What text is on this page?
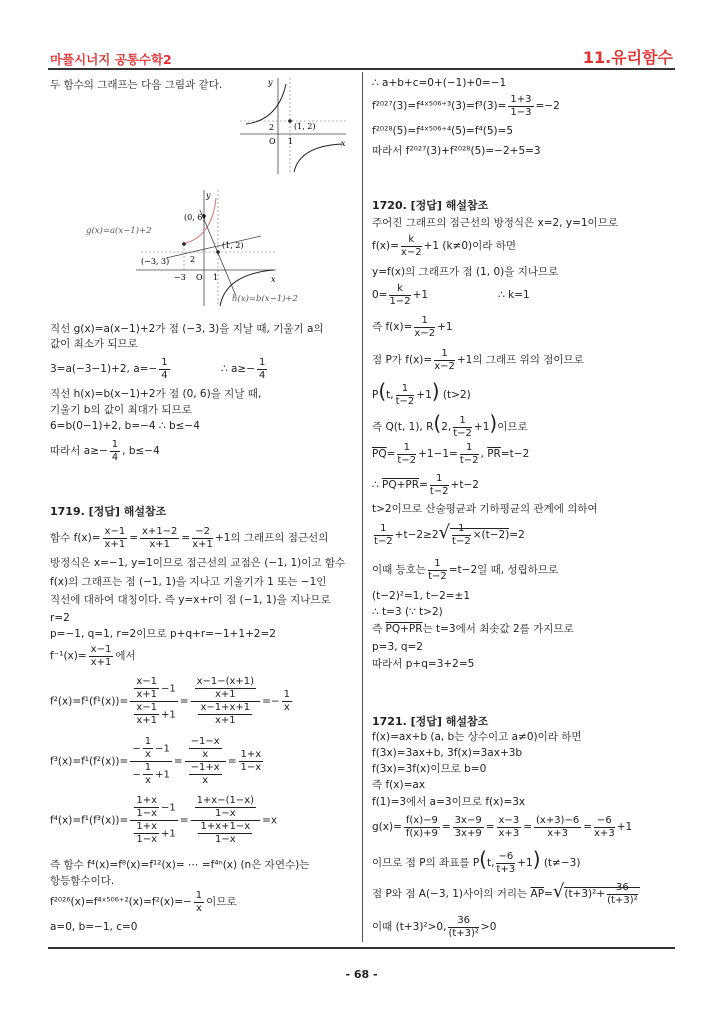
마플시너지 공통수학2	11.유리함수
두 함수의 그래프는 다음 그림과 같다.	y
x
2 (1, 2)
O 1
y
x
g(x)=a(x−1)+2
h(x)=b(x−1)+2
(0, 6)
(1, 2)
(−3, 3)	2
−3 O 1
직선 g(x)=a(x−1)+2가 점 (−3, 3)을 지날 때, 기울기 a의
값이 최소가 되므로
3=a(−3−1)+2, $a=- \frac{1}{4}$	∴ $a\ge- \frac{1}{4}$
직선 h(x)=b(x−1)+2가 점 (0, 6)을 지날 때,
기울기 b의 값이 최대가 되므로
6=b(0−1)+2, b=−4 ∴ b≤−4
따라서 $a\ge- \frac{1}{4}$ , b≤−4
1719. [정답] 해설참조
함수 $f(x)= \frac{x-1}{x+1} = \frac{x+1-2}{x+1} = \frac{-2}{x+1} +1$의 그래프의 점근선의
방정식은 x=−1, y=1이므로 점근선의 교점은 (−1, 1)이고 함수
f(x)의 그래프는 점 (−1, 1)을 지나고 기울기가 1 또는 −1인
직선에 대하여 대칭이다. 즉 y=x+r이 점 (−1, 1)을 지나므로
r=2
p=−1, q=1, r=2이므로 p+q+r=−1+1+2=2
$f^{-1}(x)= \frac{x-1}{x+1}$ 에서
$f^2(x)=f^1(f^1(x))= \frac{\frac{x-1}{x+1} -1}{\frac{x-1}{x+1} +1} = \frac{\frac{x-1-(x+1)}{x+1}}{\frac{x-1+x+1}{x+1}} =- \frac{1}{x}$
$f^3(x)=f^1(f^2(x))= \frac{- \frac{1}{x} -1}{- \frac{1}{x} +1} = \frac{\frac{-1-x}{x}}{\frac{-1+x}{x}} = \frac{1+x}{1-x}$
$f^4(x)=f^1(f^3(x))= \frac{\frac{1+x}{1-x} -1}{\frac{1+x}{1-x} +1} = \frac{\frac{1+x-(1-x)}{1-x}}{\frac{1+x+1-x}{1-x}} =x$
즉 함수 f⁴(x)=f⁸(x)=f¹²(x)= ⋯ =f⁴ⁿ(x) (n은 자연수)는
항등함수이다.
f²⁰²⁶(x)=f⁴ˣ⁵⁰⁶⁺²(x)=f²(x)=− $\frac{1}{x}$ 이므로
a=0, b=−1, c=0
∴ a+b+c=0+(−1)+0=−1
f²⁰²⁷(3)=f⁴ˣ⁵⁰⁶⁺³(3)=f³(3)= $\frac{1+3}{1-3} =-2$
f²⁰²⁸(5)=f⁴ˣ⁵⁰⁶⁺⁴(5)=f⁴(5)=5
따라서 f²⁰²⁷(3)+f²⁰²⁸(5)=−2+5=3
1720. [정답] 해설참조
주어진 그래프의 점근선의 방정식은 x=2, y=1이므로
$f(x)= \frac{k}{x-2} +1$ (k≠0)이라 하면
y=f(x)의 그래프가 점 (1, 0)을 지나므로
$0= \frac{k}{1-2} +1$	∴ k=1
즉 $f(x)= \frac{1}{x-2} +1$
점 P가 $f(x)= \frac{1}{x-2} +1$의 그래프 위의 점이므로
P(t, $\frac{1}{t-2} +1$) (t>2)
즉 Q(t, 1), R(2, $\frac{1}{t-2} +1$)이므로
$\overline{PQ}= \frac{1}{t-2} +1-1= \frac{1}{t-2}$ , $\overline{PR}=t-2$
∴ $PQ+PR= \frac{1}{t-2} +t-2$
t>2이므로 산술평균과 기하평균의 관계에 의하여
$\frac{1}{t-2} +t-2\ge 2√ \frac{1}{t-2} \times(t-2)=2$
이때 등호는 $\frac{1}{t-2} =t-2$일 때, 성립하므로
(t−2)²=1, t−2=±1
∴ t=3 (∵ t>2)
즉 PQ+PR는 t=3에서 최솟값 2를 가지므로
p=3, q=2
따라서 p+q=3+2=5
1721. [정답] 해설참조
f(x)=ax+b (a, b는 상수이고 a≠0)이라 하면
f(3x)=3ax+b, 3f(x)=3ax+3b
f(3x)=3f(x)이므로 b=0
즉 f(x)=ax
f(1)=3에서 a=3이므로 f(x)=3x
$g(x)= \frac{f(x)-9}{f(x)+9} = \frac{3x-9}{3x+9} = \frac{x-3}{x+3} = \frac{(x+3)-6}{x+3} = \frac{-6}{x+3} +1$
이므로 점 P의 좌표를 P(t, $\frac{-6}{t+3} +1$) (t≠−3)
점 P와 점 A(−3, 1)사이의 거리는 $\overline{AP}=√(t+3)^2+ \frac{36}{\text{(t+3)²}}$
이때 (t+3)²>0, $\frac{36}{\text{(t+3)²}} >0$
- 68 -
